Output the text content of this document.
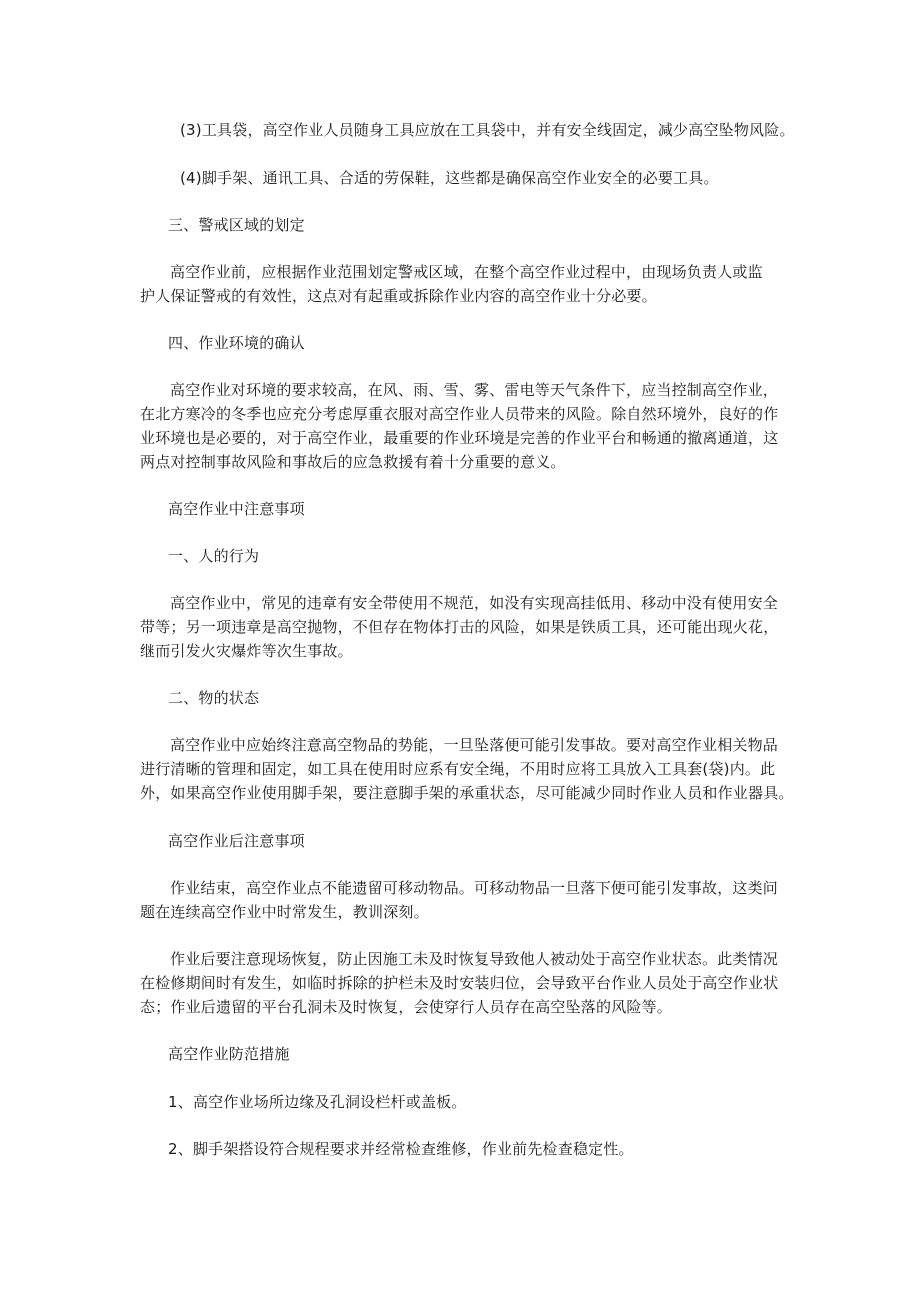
(3)工具袋，高空作业人员随身工具应放在工具袋中，并有安全线固定，减少高空坠物风险。

(4)脚手架、通讯工具、合适的劳保鞋，这些都是确保高空作业安全的必要工具。

三、警戒区域的划定

高空作业前，应根据作业范围划定警戒区域，在整个高空作业过程中，由现场负责人或监
护人保证警戒的有效性，这点对有起重或拆除作业内容的高空作业十分必要。

四、作业环境的确认

高空作业对环境的要求较高，在风、雨、雪、雾、雷电等天气条件下，应当控制高空作业，
在北方寒冷的冬季也应充分考虑厚重衣服对高空作业人员带来的风险。除自然环境外，良好的作
业环境也是必要的，对于高空作业，最重要的作业环境是完善的作业平台和畅通的撤离通道，这
两点对控制事故风险和事故后的应急救援有着十分重要的意义。

高空作业中注意事项

一、人的行为

高空作业中，常见的违章有安全带使用不规范，如没有实现高挂低用、移动中没有使用安全
带等；另一项违章是高空抛物，不但存在物体打击的风险，如果是铁质工具，还可能出现火花，
继而引发火灾爆炸等次生事故。

二、物的状态

高空作业中应始终注意高空物品的势能，一旦坠落便可能引发事故。要对高空作业相关物品
进行清晰的管理和固定，如工具在使用时应系有安全绳，不用时应将工具放入工具套(袋)内。此
外，如果高空作业使用脚手架，要注意脚手架的承重状态，尽可能减少同时作业人员和作业器具。

高空作业后注意事项

作业结束，高空作业点不能遗留可移动物品。可移动物品一旦落下便可能引发事故，这类问
题在连续高空作业中时常发生，教训深刻。

作业后要注意现场恢复，防止因施工未及时恢复导致他人被动处于高空作业状态。此类情况
在检修期间时有发生，如临时拆除的护栏未及时安装归位，会导致平台作业人员处于高空作业状
态；作业后遗留的平台孔洞未及时恢复，会使穿行人员存在高空坠落的风险等。

高空作业防范措施

1、高空作业场所边缘及孔洞设栏杆或盖板。

2、脚手架搭设符合规程要求并经常检查维修，作业前先检查稳定性。
